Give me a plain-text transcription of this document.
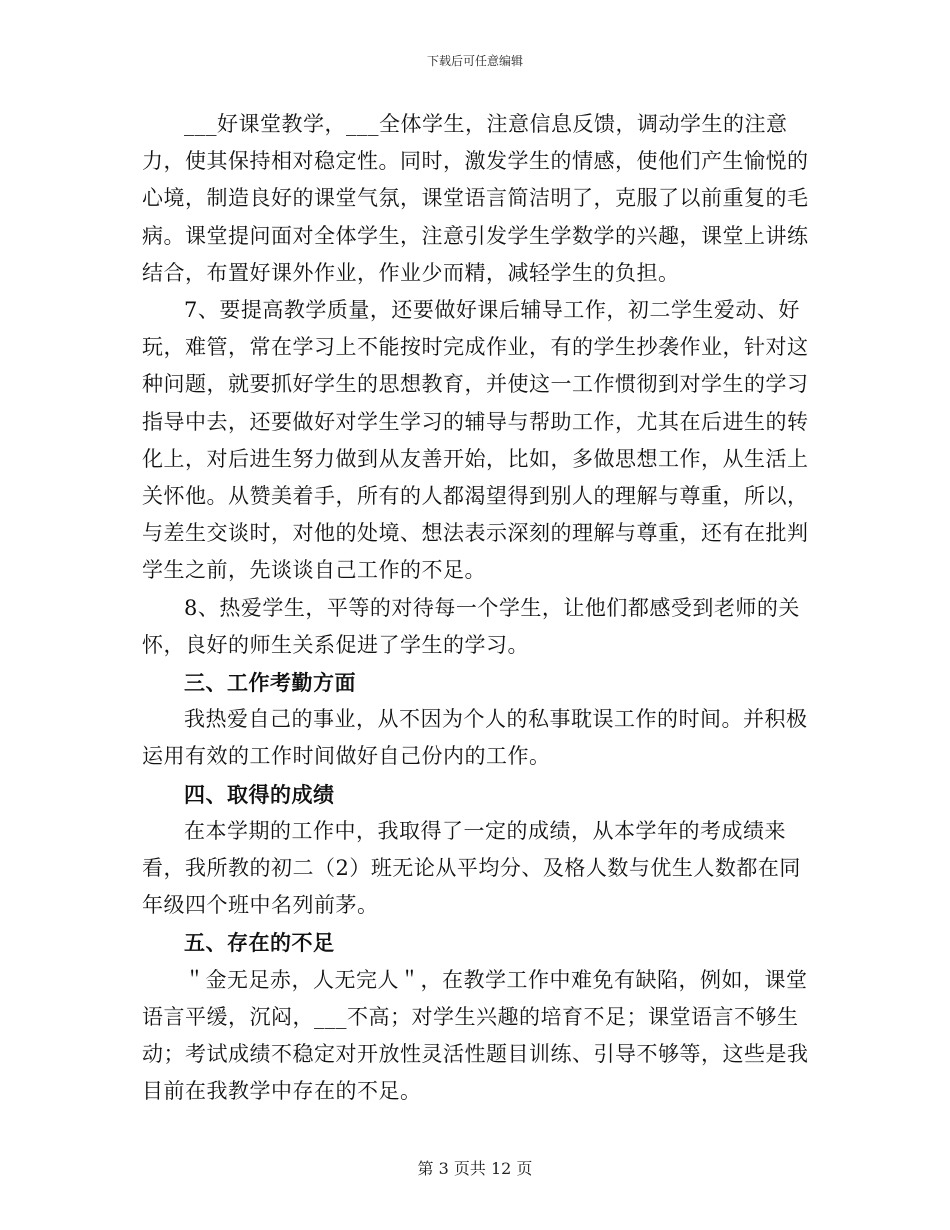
下载后可任意编辑

___好课堂教学，___全体学生，注意信息反馈，调动学生的注意力，使其保持相对稳定性。同时，激发学生的情感，使他们产生愉悦的心境，制造良好的课堂气氛，课堂语言简洁明了，克服了以前重复的毛病。课堂提问面对全体学生，注意引发学生学数学的兴趣，课堂上讲练结合，布置好课外作业，作业少而精，减轻学生的负担。

7、要提高教学质量，还要做好课后辅导工作，初二学生爱动、好玩，难管，常在学习上不能按时完成作业，有的学生抄袭作业，针对这种问题，就要抓好学生的思想教育，并使这一工作惯彻到对学生的学习指导中去，还要做好对学生学习的辅导与帮助工作，尤其在后进生的转化上，对后进生努力做到从友善开始，比如，多做思想工作，从生活上关怀他。从赞美着手，所有的人都渴望得到别人的理解与尊重，所以，与差生交谈时，对他的处境、想法表示深刻的理解与尊重，还有在批判学生之前，先谈谈自己工作的不足。

8、热爱学生，平等的对待每一个学生，让他们都感受到老师的关怀，良好的师生关系促进了学生的学习。

三、工作考勤方面

我热爱自己的事业，从不因为个人的私事耽误工作的时间。并积极运用有效的工作时间做好自己份内的工作。

四、取得的成绩

在本学期的工作中，我取得了一定的成绩，从本学年的考成绩来看，我所教的初二（2）班无论从平均分、及格人数与优生人数都在同年级四个班中名列前茅。

五、存在的不足

＂金无足赤，人无完人＂，在教学工作中难免有缺陷，例如，课堂语言平缓，沉闷，___不高；对学生兴趣的培育不足；课堂语言不够生动；考试成绩不稳定对开放性灵活性题目训练、引导不够等，这些是我目前在我教学中存在的不足。

第 3 页共 12 页
